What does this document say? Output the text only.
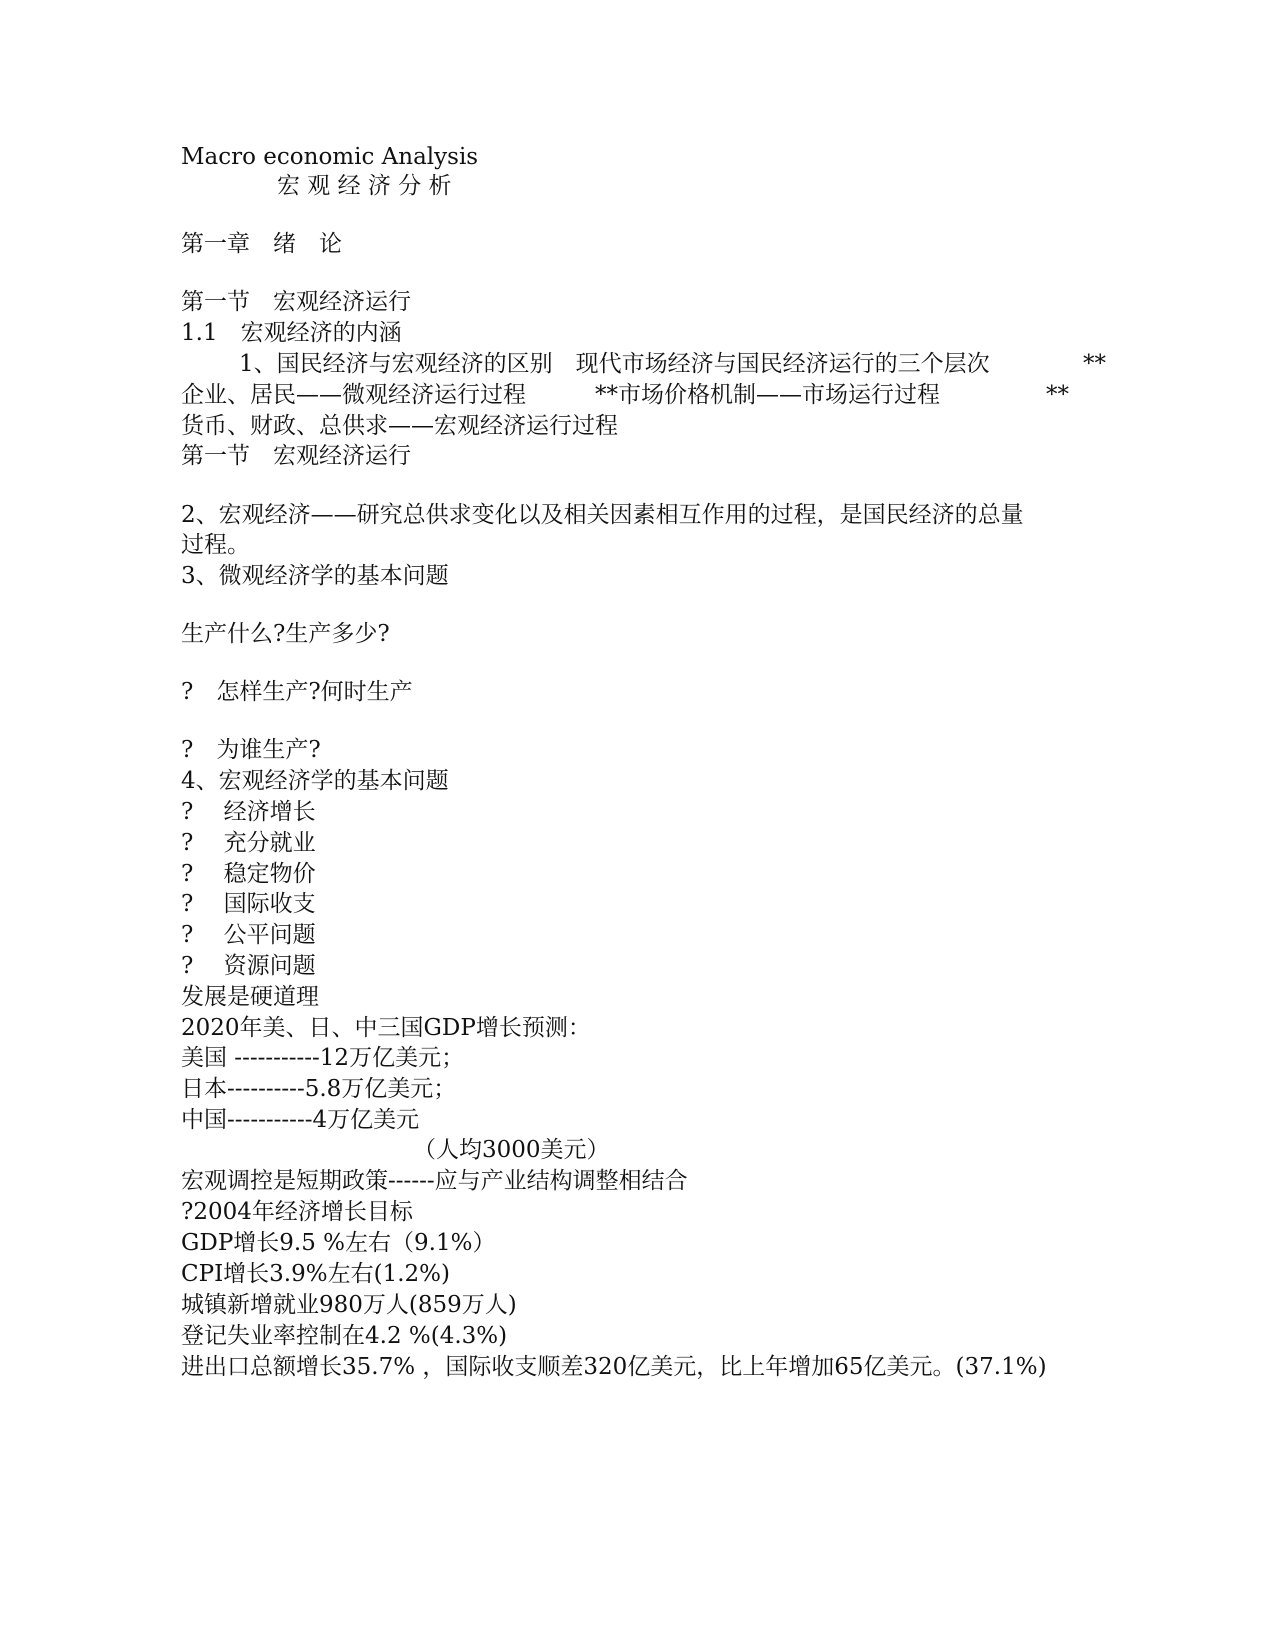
Macro economic Analysis
宏 观 经 济 分 析
第一章　绪　论
第一节　宏观经济运行
1.1　宏观经济的内涵
1、国民经济与宏观经济的区别　现代市场经济与国民经济运行的三个层次	**
企业、居民——微观经济运行过程　　　**市场价格机制——市场运行过程	**
货币、财政、总供求——宏观经济运行过程
第一节　宏观经济运行
2、宏观经济——研究总供求变化以及相关因素相互作用的过程，是国民经济的总量
过程。
3、微观经济学的基本问题
生产什么?生产多少?
?　怎样生产?何时生产
?　为谁生产?
4、宏观经济学的基本问题
?　 经济增长
?　 充分就业
?　 稳定物价
?　 国际收支
?　 公平问题
?　 资源问题
发展是硬道理
2020年美、日、中三国GDP增长预测：
美国 -----------12万亿美元；
日本----------5.8万亿美元；
中国-----------4万亿美元
（人均3000美元）
宏观调控是短期政策------应与产业结构调整相结合
?2004年经济增长目标
GDP增长9.5 %左右（9.1%）
CPI增长3.9%左右(1.2%)
城镇新增就业980万人(859万人)
登记失业率控制在4.2 %(4.3%)
进出口总额增长35.7% ，国际收支顺差320亿美元，比上年增加65亿美元。(37.1%)
